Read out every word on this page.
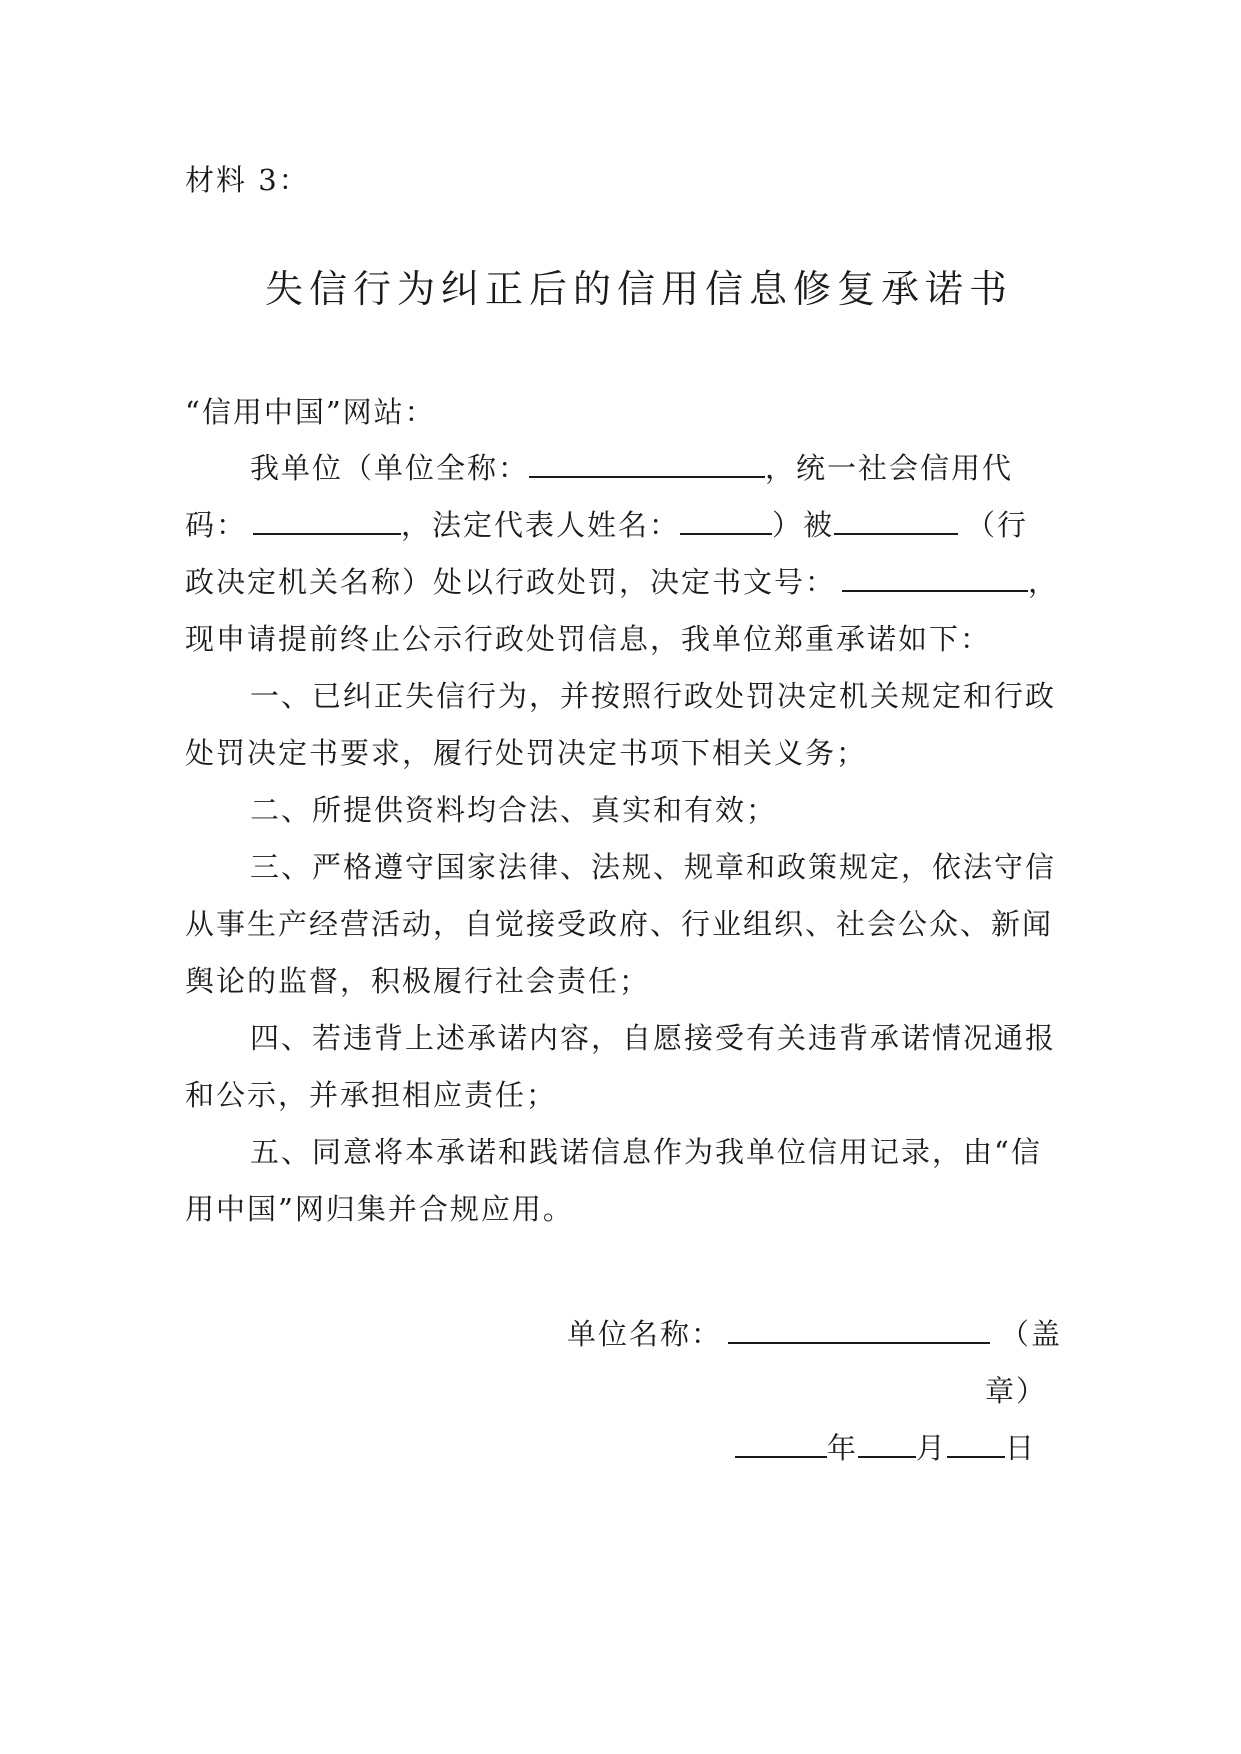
材料 3：
失信行为纠正后的信用信息修复承诺书
“信用中国”网站：
我单位（单位全称：	，统一社会信用代
码：	，法定代表人姓名：	）被	（行
政决定机关名称）处以行政处罚，决定书文号：	，
现申请提前终止公示行政处罚信息，我单位郑重承诺如下：
一、已纠正失信行为，并按照行政处罚决定机关规定和行政
处罚决定书要求，履行处罚决定书项下相关义务；
二、所提供资料均合法、真实和有效；
三、严格遵守国家法律、法规、规章和政策规定，依法守信
从事生产经营活动，自觉接受政府、行业组织、社会公众、新闻
舆论的监督，积极履行社会责任；
四、若违背上述承诺内容，自愿接受有关违背承诺情况通报
和公示，并承担相应责任；
五、同意将本承诺和践诺信息作为我单位信用记录，由“信
用中国”网归集并合规应用。
单位名称：	（盖
章）
年 月 日
